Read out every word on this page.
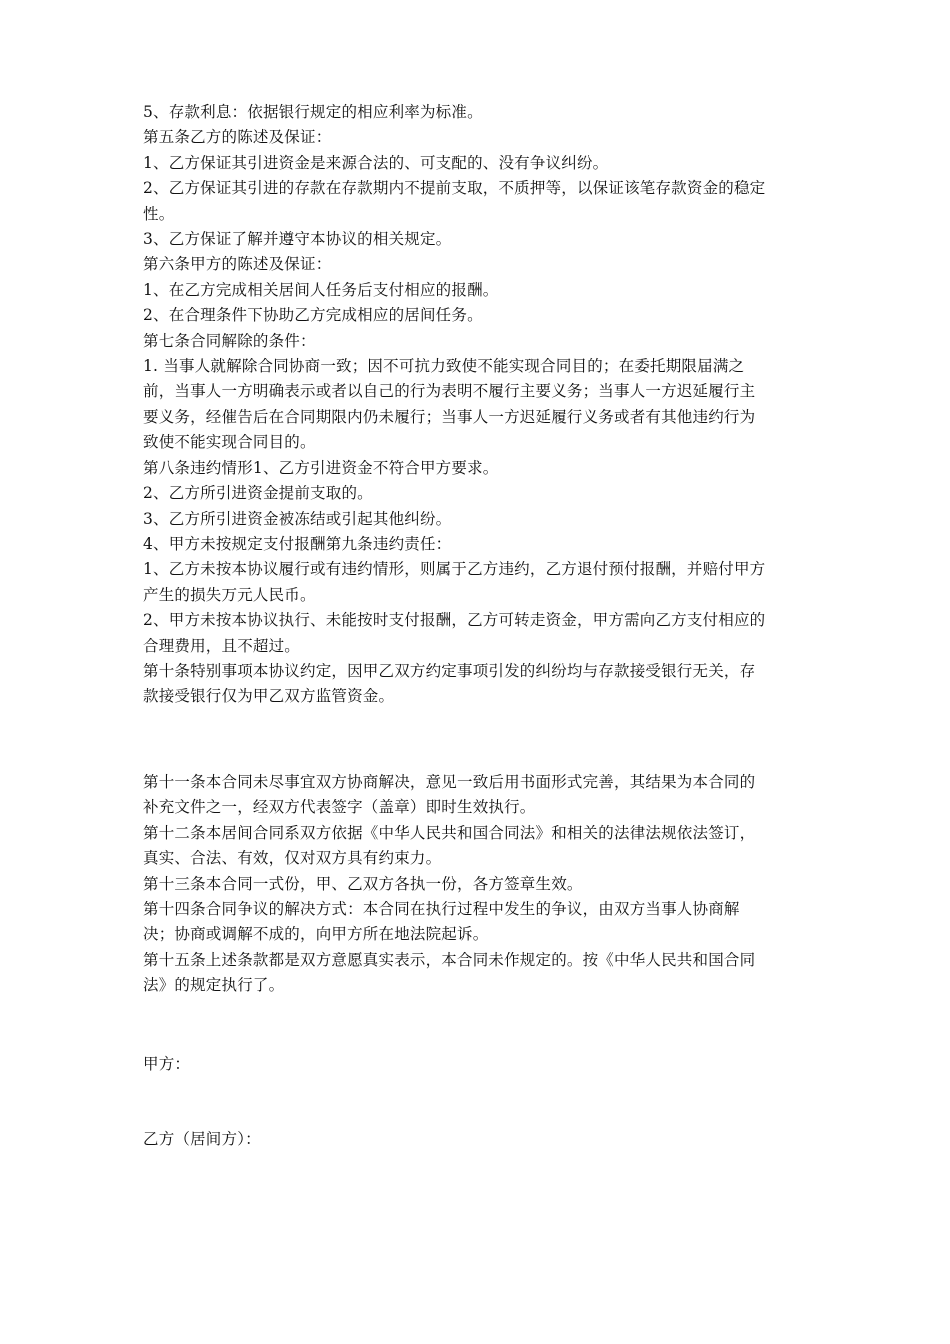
5、存款利息：依据银行规定的相应利率为标准。
第五条乙方的陈述及保证：
1、乙方保证其引进资金是来源合法的、可支配的、没有争议纠纷。
2、乙方保证其引进的存款在存款期内不提前支取，不质押等，以保证该笔存款资金的稳定
性。
3、乙方保证了解并遵守本协议的相关规定。
第六条甲方的陈述及保证：
1、在乙方完成相关居间人任务后支付相应的报酬。
2、在合理条件下协助乙方完成相应的居间任务。
第七条合同解除的条件：
1. 当事人就解除合同协商一致；因不可抗力致使不能实现合同目的；在委托期限届满之
前，当事人一方明确表示或者以自己的行为表明不履行主要义务；当事人一方迟延履行主
要义务，经催告后在合同期限内仍未履行；当事人一方迟延履行义务或者有其他违约行为
致使不能实现合同目的。
第八条违约情形1、乙方引进资金不符合甲方要求。
2、乙方所引进资金提前支取的。
3、乙方所引进资金被冻结或引起其他纠纷。
4、甲方未按规定支付报酬第九条违约责任：
1、乙方未按本协议履行或有违约情形，则属于乙方违约，乙方退付预付报酬，并赔付甲方
产生的损失万元人民币。
2、甲方未按本协议执行、未能按时支付报酬，乙方可转走资金，甲方需向乙方支付相应的
合理费用，且不超过。
第十条特别事项本协议约定，因甲乙双方约定事项引发的纠纷均与存款接受银行无关，存
款接受银行仅为甲乙双方监管资金。
第十一条本合同未尽事宜双方协商解决，意见一致后用书面形式完善，其结果为本合同的
补充文件之一，经双方代表签字（盖章）即时生效执行。
第十二条本居间合同系双方依据《中华人民共和国合同法》和相关的法律法规依法签订，
真实、合法、有效，仅对双方具有约束力。
第十三条本合同一式份，甲、乙双方各执一份，各方签章生效。
第十四条合同争议的解决方式：本合同在执行过程中发生的争议，由双方当事人协商解
决；协商或调解不成的，向甲方所在地法院起诉。
第十五条上述条款都是双方意愿真实表示，本合同未作规定的。按《中华人民共和国合同
法》的规定执行了。
甲方：
乙方（居间方）：
